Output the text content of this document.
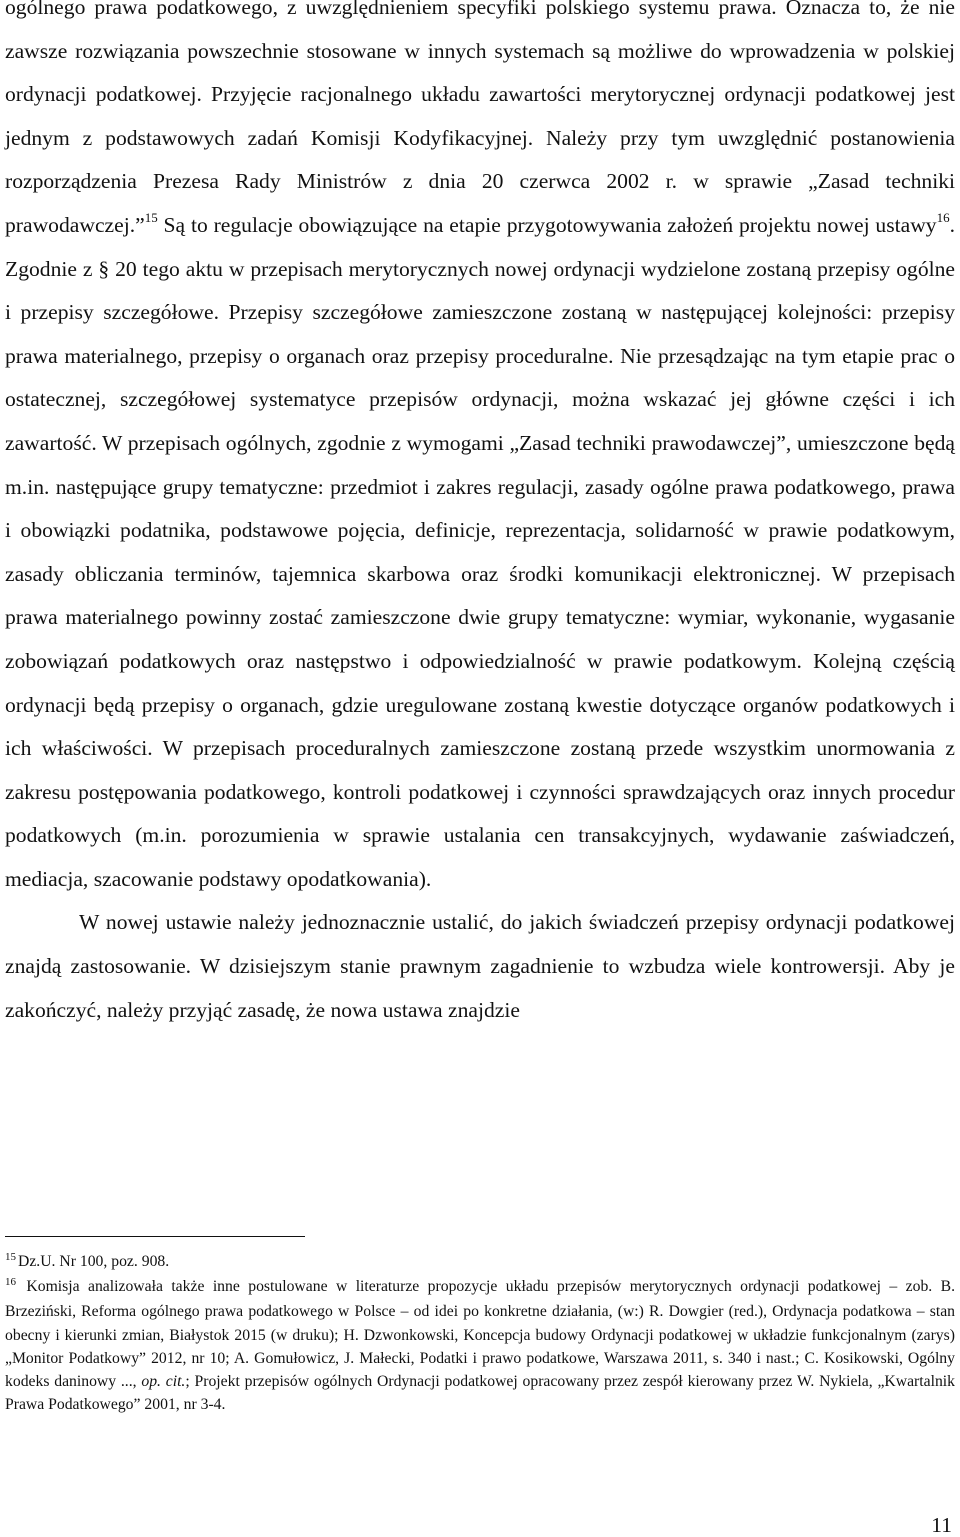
ogólnego prawa podatkowego, z uwzględnieniem specyfiki polskiego systemu prawa. Oznacza to, że nie zawsze rozwiązania powszechnie stosowane w innych systemach są możliwe do wprowadzenia w polskiej ordynacji podatkowej. Przyjęcie racjonalnego układu zawartości merytorycznej ordynacji podatkowej jest jednym z podstawowych zadań Komisji Kodyfikacyjnej. Należy przy tym uwzględnić postanowienia rozporządzenia Prezesa Rady Ministrów z dnia 20 czerwca 2002 r. w sprawie „Zasad techniki prawodawczej.”$^{15}$ Są to regulacje obowiązujące na etapie przygotowywania założeń projektu nowej ustawy$^{16}$. Zgodnie z § 20 tego aktu w przepisach merytorycznych nowej ordynacji wydzielone zostaną przepisy ogólne i przepisy szczegółowe. Przepisy szczegółowe zamieszczone zostaną w następującej kolejności: przepisy prawa materialnego, przepisy o organach oraz przepisy proceduralne. Nie przesądzając na tym etapie prac o ostatecznej, szczegółowej systematyce przepisów ordynacji, można wskazać jej główne części i ich zawartość. W przepisach ogólnych, zgodnie z wymogami „Zasad techniki prawodawczej”, umieszczone będą m.in. następujące grupy tematyczne: przedmiot i zakres regulacji, zasady ogólne prawa podatkowego, prawa i obowiązki podatnika, podstawowe pojęcia, definicje, reprezentacja, solidarność w prawie podatkowym, zasady obliczania terminów, tajemnica skarbowa oraz środki komunikacji elektronicznej. W przepisach prawa materialnego powinny zostać zamieszczone dwie grupy tematyczne: wymiar, wykonanie, wygasanie zobowiązań podatkowych oraz następstwo i odpowiedzialność w prawie podatkowym. Kolejną częścią ordynacji będą przepisy o organach, gdzie uregulowane zostaną kwestie dotyczące organów podatkowych i ich właściwości. W przepisach proceduralnych zamieszczone zostaną przede wszystkim unormowania z zakresu postępowania podatkowego, kontroli podatkowej i czynności sprawdzających oraz innych procedur podatkowych (m.in. porozumienia w sprawie ustalania cen transakcyjnych, wydawanie zaświadczeń, mediacja, szacowanie podstawy opodatkowania).

W nowej ustawie należy jednoznacznie ustalić, do jakich świadczeń przepisy ordynacji podatkowej znajdą zastosowanie. W dzisiejszym stanie prawnym zagadnienie to wzbudza wiele kontrowersji. Aby je zakończyć, należy przyjąć zasadę, że nowa ustawa znajdzie

$^{15}$ Dz.U. Nr 100, poz. 908.

$^{16}$ Komisja analizowała także inne postulowane w literaturze propozycje układu przepisów merytorycznych ordynacji podatkowej – zob. B. Brzeziński, Reforma ogólnego prawa podatkowego w Polsce – od idei po konkretne działania, (w:) R. Dowgier (red.), Ordynacja podatkowa – stan obecny i kierunki zmian, Białystok 2015 (w druku); H. Dzwonkowski, Koncepcja budowy Ordynacji podatkowej w układzie funkcjonalnym (zarys) „Monitor Podatkowy” 2012, nr 10; A. Gomułowicz, J. Małecki, Podatki i prawo podatkowe, Warszawa 2011, s. 340 i nast.; C. Kosikowski, Ogólny kodeks daninowy ..., op. cit.; Projekt przepisów ogólnych Ordynacji podatkowej opracowany przez zespół kierowany przez W. Nykiela, „Kwartalnik Prawa Podatkowego” 2001, nr 3-4.

11
